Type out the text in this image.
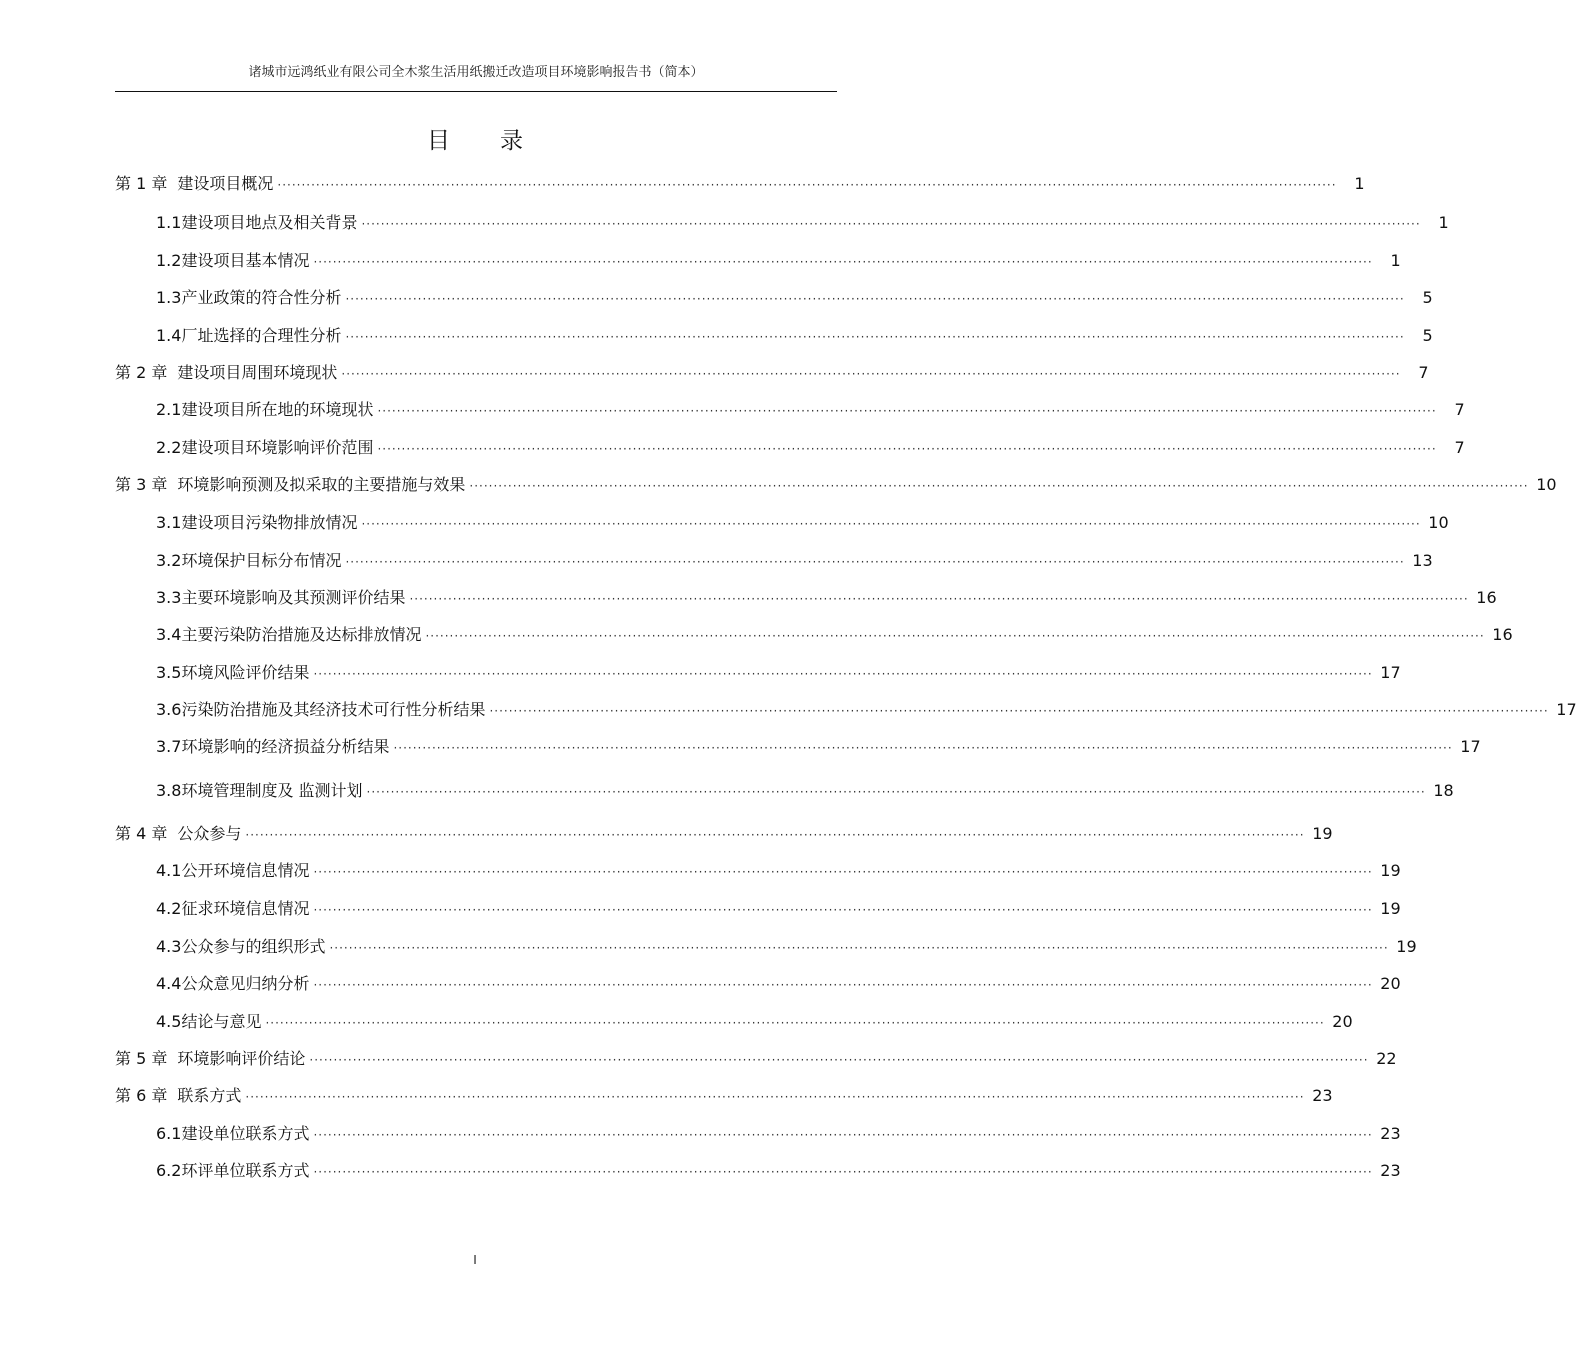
诸城市远鸿纸业有限公司全木浆生活用纸搬迁改造项目环境影响报告书（简本）
目录
第 1 章 建设项目概况 ····························································································································································································································	1
1.1 建设项目地点及相关背景 ····························································································································································································································	1
1.2 建设项目基本情况 ····························································································································································································································	1
1.3 产业政策的符合性分析 ····························································································································································································································	5
1.4 厂址选择的合理性分析 ····························································································································································································································	5
第 2 章 建设项目周围环境现状 ····························································································································································································································	7
2.1 建设项目所在地的环境现状 ····························································································································································································································	7
2.2 建设项目环境影响评价范围 ····························································································································································································································	7
第 3 章 环境影响预测及拟采取的主要措施与效果 ···························································································································································································································· 10
3.1 建设项目污染物排放情况 ···························································································································································································································· 10
3.2 环境保护目标分布情况 ···························································································································································································································· 13
3.3 主要环境影响及其预测评价结果 ···························································································································································································································· 16
3.4 主要污染防治措施及达标排放情况 ···························································································································································································································· 16
3.5 环境风险评价结果 ···························································································································································································································· 17
3.6 污染防治措施及其经济技术可行性分析结果 ···························································································································································································································· 17
3.7 环境影响的经济损益分析结果 ···························································································································································································································· 17
3.8 环境管理制度及 监测计划 ···························································································································································································································· 18
第 4 章 公众参与 ···························································································································································································································· 19
4.1 公开环境信息情况 ···························································································································································································································· 19
4.2 征求环境信息情况 ···························································································································································································································· 19
4.3 公众参与的组织形式 ···························································································································································································································· 19
4.4 公众意见归纳分析 ···························································································································································································································· 20
4.5 结论与意见 ···························································································································································································································· 20
第 5 章 环境影响评价结论 ···························································································································································································································· 22
第 6 章 联系方式 ···························································································································································································································· 23
6.1 建设单位联系方式 ···························································································································································································································· 23
6.2 环评单位联系方式 ···························································································································································································································· 23
I
